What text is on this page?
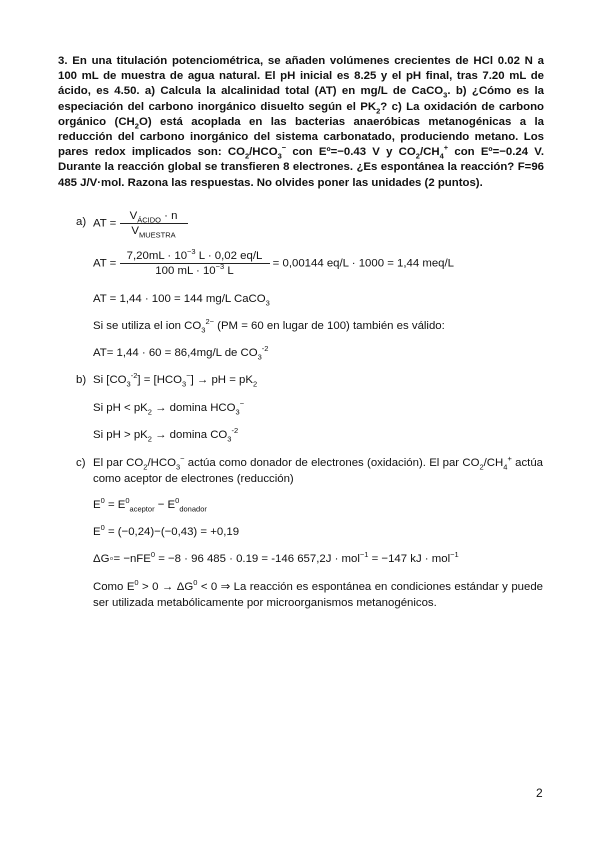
3. En una titulación potenciométrica, se añaden volúmenes crecientes de HCl 0.02 N a 100 mL de muestra de agua natural. El pH inicial es 8.25 y el pH final, tras 7.20 mL de ácido, es 4.50. a) Calcula la alcalinidad total (AT) en mg/L de CaCO$_3$. b) ¿Cómo es la especiación del carbono inorgánico disuelto según el $PK_2$? c) La oxidación de carbono orgánico $(CH_2O)$ está acoplada en las bacterias anaeróbicas metanogénicas a la reducción del carbono inorgánico del sistema carbonatado, produciendo metano. Los pares redox implicados son: $CO_2/HCO_3^-$ con Eº=−0.43 V y $CO_2/CH_4^+$ con Eº=−0.24 V. Durante la reacción global se transfieren 8 electrones. ¿Es espontánea la reacción? F=96 485 J/V·mol. Razona las respuestas. No olvides poner las unidades (2 puntos).
a) AT = $\frac{V_{ÁCIDO} \cdot n}{V_{MUESTRA}}$
AT = $\frac{7,20mL \cdot 10^{-3} L \cdot 0,02 eq/L}{100 mL \cdot 10^{-3} L} = 0,00144$ eq/L · 1000 = 1,44 meq/L
AT = 1,44 · 100 = 144 mg/L CaCO$_3$
Si se utiliza el ion $CO_3^{2-}$ (PM = 60 en lugar de 100) también es válido:
AT= 1,44 · 60 = 86,4mg/L de $CO_3^{-2}$
b) Si $[CO_3^{-2}] = [HCO_3^-]$ → pH = $pK_2$
Si pH < $pK_2 \to domina$ $HCO_3^-$
Si pH > $pK_2 \to domina$ $CO_3^{-2}$
c) El par $CO_2/HCO_3^-$ actúa como donador de electrones (oxidación). El par $CO_2/CH_4^+$ actúa como aceptor de electrones (reducción)
$E^0 = E^0_{aceptor} - E^0_{donador}$
$E^0 = (-0,24)-(-0,43) = +0,19$
ΔG◦= −nFE$^0$ = −8 · 96 485 · 0.19 = -146 657,2J · mol$^{-1}$ = −147 kJ · mol$^{-1}$
Como $E^0 > 0 \to \Delta G^0 < 0$ ⇒ La reacción es espontánea en condiciones estándar y puede ser utilizada metabólicamente por microorganismos metanogénicos.
2
